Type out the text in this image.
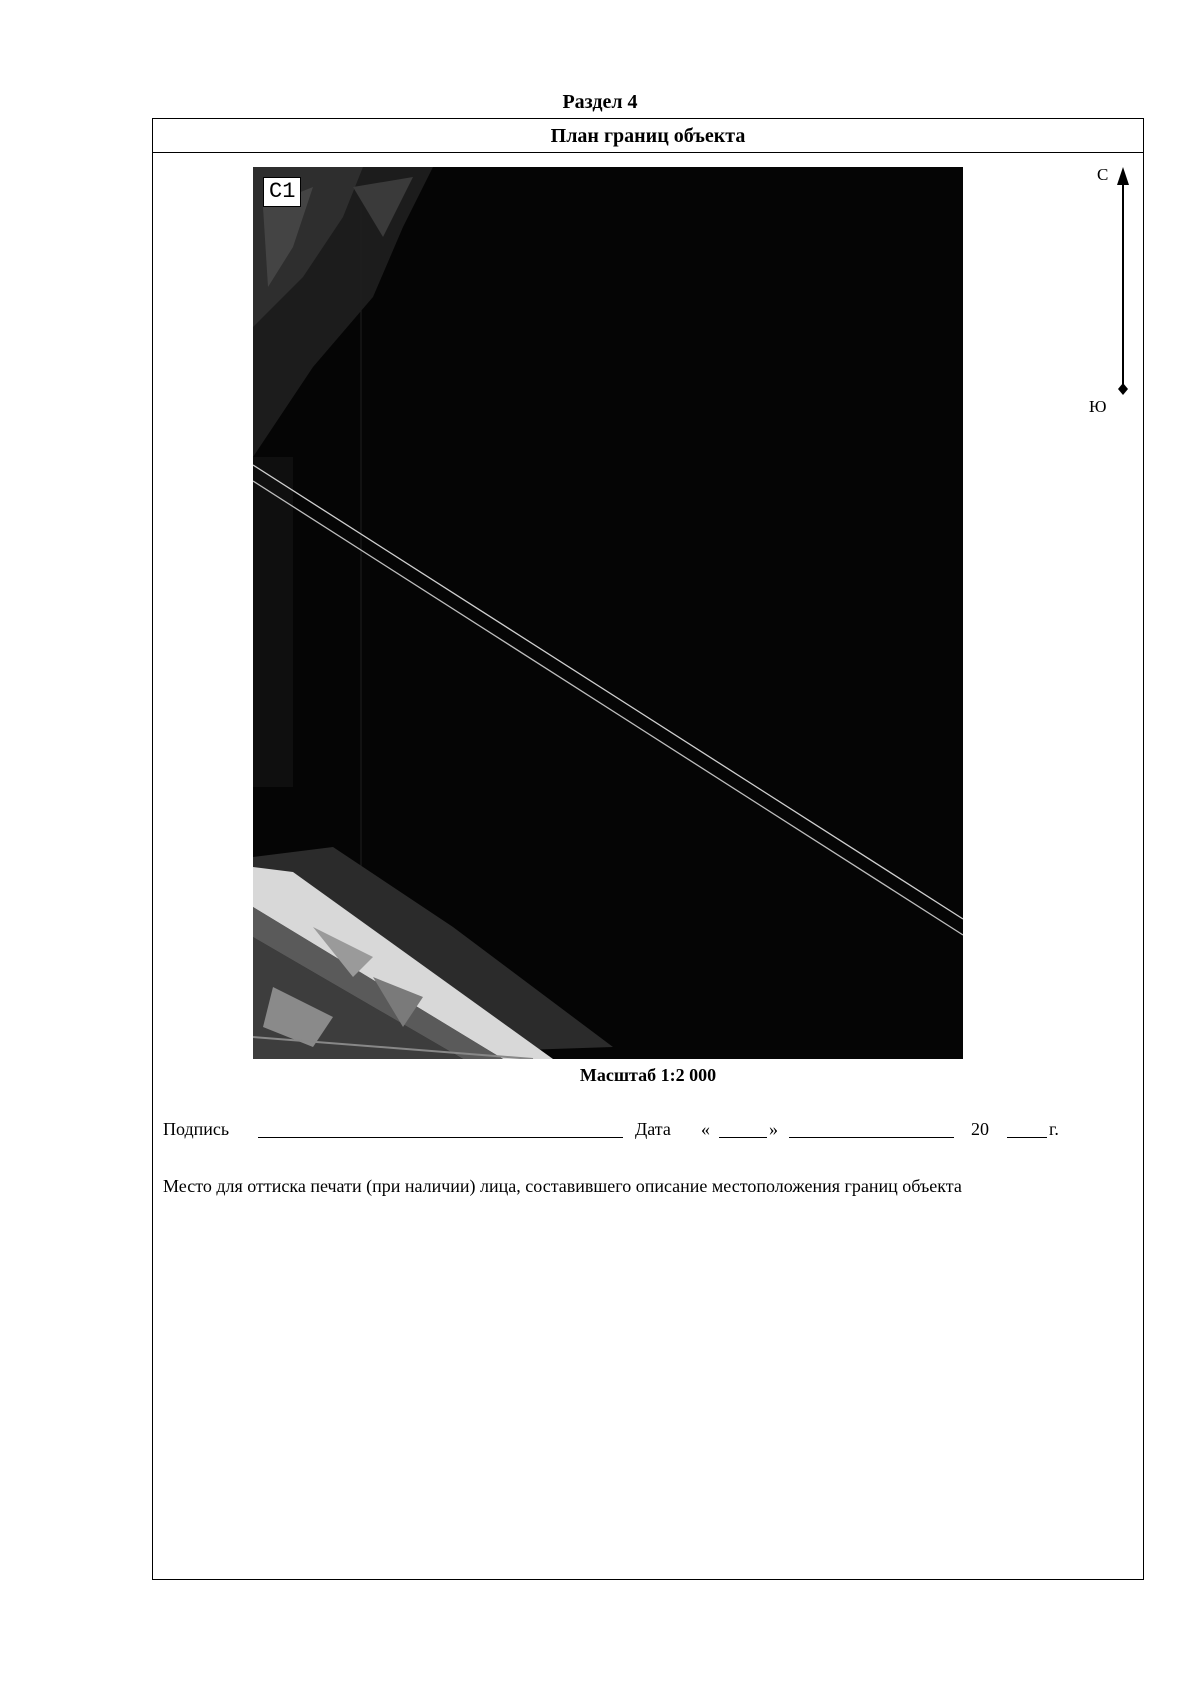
Раздел 4
План границ объекта
C1
С
Ю
Масштаб 1:2 000
Подпись	Дата «	»	20	г.
Место для оттиска печати (при наличии) лица, составившего описание местоположения границ объекта
